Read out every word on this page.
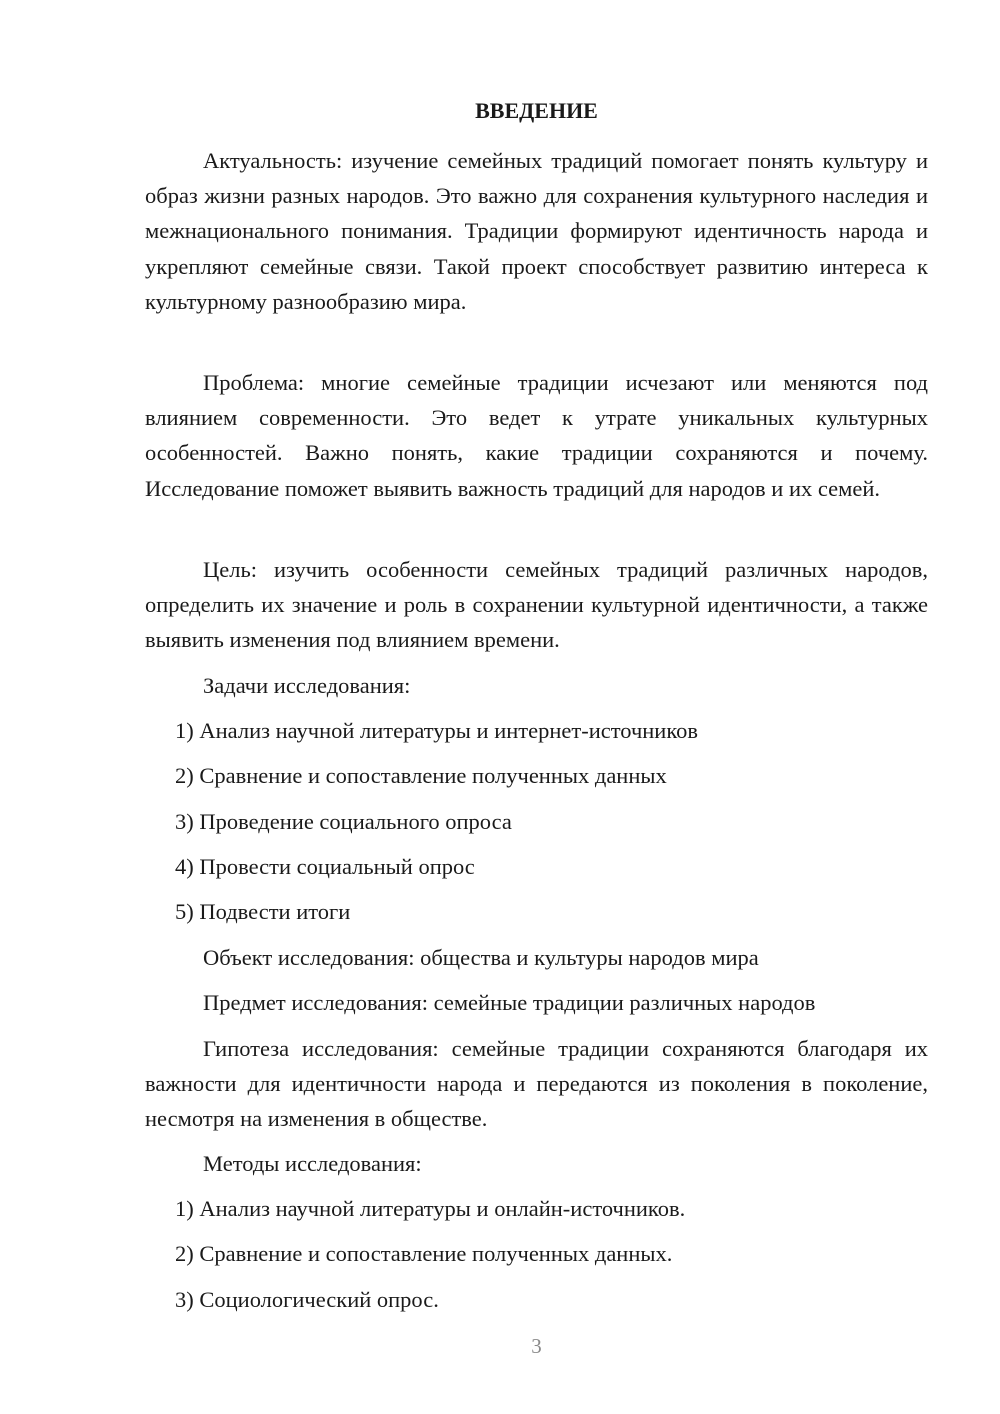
ВВЕДЕНИЕ

Актуальность: изучение семейных традиций помогает понять культуру и образ жизни разных народов. Это важно для сохранения культурного наследия и межнационального понимания. Традиции формируют идентичность народа и укрепляют семейные связи. Такой проект способствует развитию интереса к культурному разнообразию мира.

Проблема: многие семейные традиции исчезают или меняются под влиянием современности. Это ведет к утрате уникальных культурных особенностей. Важно понять, какие традиции сохраняются и почему. Исследование поможет выявить важность традиций для народов и их семей.

Цель: изучить особенности семейных традиций различных народов, определить их значение и роль в сохранении культурной идентичности, а также выявить изменения под влиянием времени.

Задачи исследования:

1) Анализ научной литературы и интернет-источников

2) Сравнение и сопоставление полученных данных

3) Проведение социального опроса

4) Провести социальный опрос

5) Подвести итоги

Объект исследования: общества и культуры народов мира

Предмет исследования: семейные традиции различных народов

Гипотеза исследования: семейные традиции сохраняются благодаря их важности для идентичности народа и передаются из поколения в поколение, несмотря на изменения в обществе.

Методы исследования:

1) Анализ научной литературы и онлайн-источников.

2) Сравнение и сопоставление полученных данных.

3) Социологический опрос.

3
